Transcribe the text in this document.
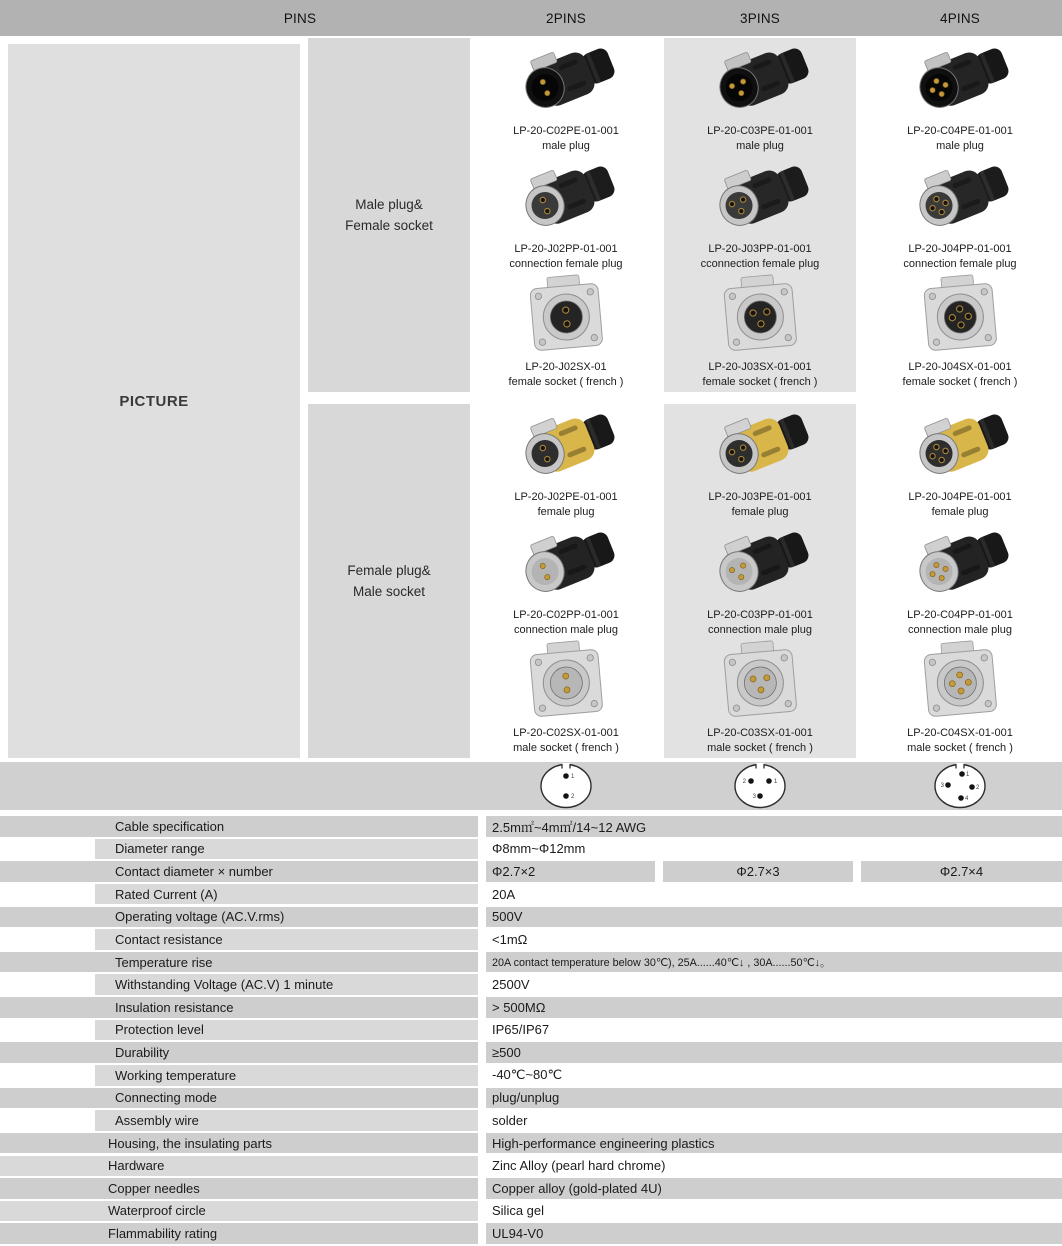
PINS	2PINS	3PINS	4PINS
PICTURE
Male plug&
Female socket
LP-20-C02PE-01-001
male plug
LP-20-J02PP-01-001
connection female plug
LP-20-J02SX-01
female socket ( french )
LP-20-C03PE-01-001
male plug
LP-20-J03PP-01-001
cconnection female plug
LP-20-J03SX-01-001
female socket ( french )
LP-20-C04PE-01-001
male plug
LP-20-J04PP-01-001
connection female plug
LP-20-J04SX-01-001
female socket ( french )
Female plug&
Male socket
LP-20-J02PE-01-001
female plug
LP-20-C02PP-01-001
connection male plug
LP-20-C02SX-01-001
male socket ( french )
LP-20-J03PE-01-001
female plug
LP-20-C03PP-01-001
connection male plug
LP-20-C03SX-01-001
male socket ( french )
LP-20-J04PE-01-001
female plug
LP-20-C04PP-01-001
connection male plug
LP-20-C04SX-01-001
male socket ( french )
1
2
2	1
3
1
2
3
4
Cable specification	2.5m㎡~4m㎡/14~12 AWG
Diameter range	Φ8mm~Φ12mm
Contact diameter × number	Φ2.7×2	Φ2.7×3	Φ2.7×4
Rated Current (A)	20A
Operating voltage (AC.V.rms)	500V
Contact resistance	<1mΩ
Temperature rise	20A contact temperature below 30℃), 25A......40℃↓ , 30A......50℃↓。
Withstanding Voltage (AC.V) 1 minute	2500V
Insulation resistance	> 500MΩ
Protection level	IP65/IP67
Durability	≥500
Working temperature	-40℃~80℃
Connecting mode	plug/unplug
Assembly wire	solder
Housing, the insulating parts	High-performance engineering plastics
Hardware	Zinc Alloy (pearl hard chrome)
Copper needles	Copper alloy (gold-plated 4U)
Waterproof circle	Silica gel
Flammability rating	UL94-V0
